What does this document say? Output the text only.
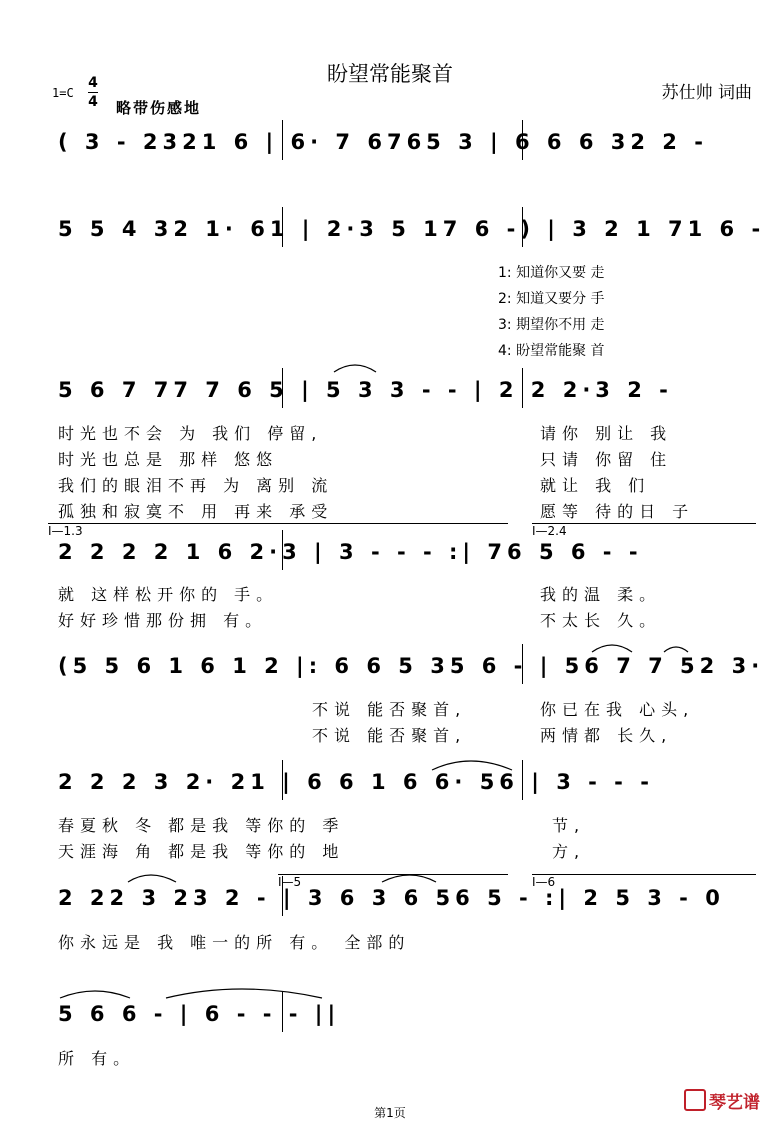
盼望常能聚首
苏仕帅 词曲
1=C
4
4 略带伤感地
( 3 - 2321 6 | 6· 7 6765 3 | 6 6 6 32 2 -
5 5 4 32 1· 61 | 2·3 5 17 6 -) | 3 2 1 71 6 -
1: 知道你又要 走
2: 知道又要分 手
3: 期望你不用 走
4: 盼望常能聚 首
5 6 7 77 7 6 5 | 5 3 3 - - | 2 2 2·3 2 -
时光也不会 为 我们 停留,
时光也总是 那样 悠悠
我们的眼泪不再 为 离别 流
孤独和寂寞不 用 再来 承受
请你 别让 我
只请 你留 住
就让 我 们
愿等 待的日 子
I—1.3	I—2.4
2 2 2 2 1 6 2·3 | 3 - - - :| 76 5 6 - -
就 这样松开你的 手。
好好珍惜那份拥 有。
我的温 柔。
不太长 久。
(5 5 6 1 6 1 2 |: 6 6 5 35 6 - | 56 7 7 52 3·
不说 能否聚首,
不说 能否聚首,
你已在我 心头,
两情都 长久,
2 2 2 3 2· 21 | 6 6 1 6 6· 56 | 3 - - -
春夏秋 冬 都是我 等你的 季
天涯海 角 都是我 等你的 地
节,
方,
I—5	I—6
2 22 3 23 2 - | 3 6 3 6 56 5 - :| 2 5 3 - 0
你永远是 我 唯一的所 有。 全部的
5 6 6 - | 6 - - - ||
所 有。
第1页	琴艺谱
